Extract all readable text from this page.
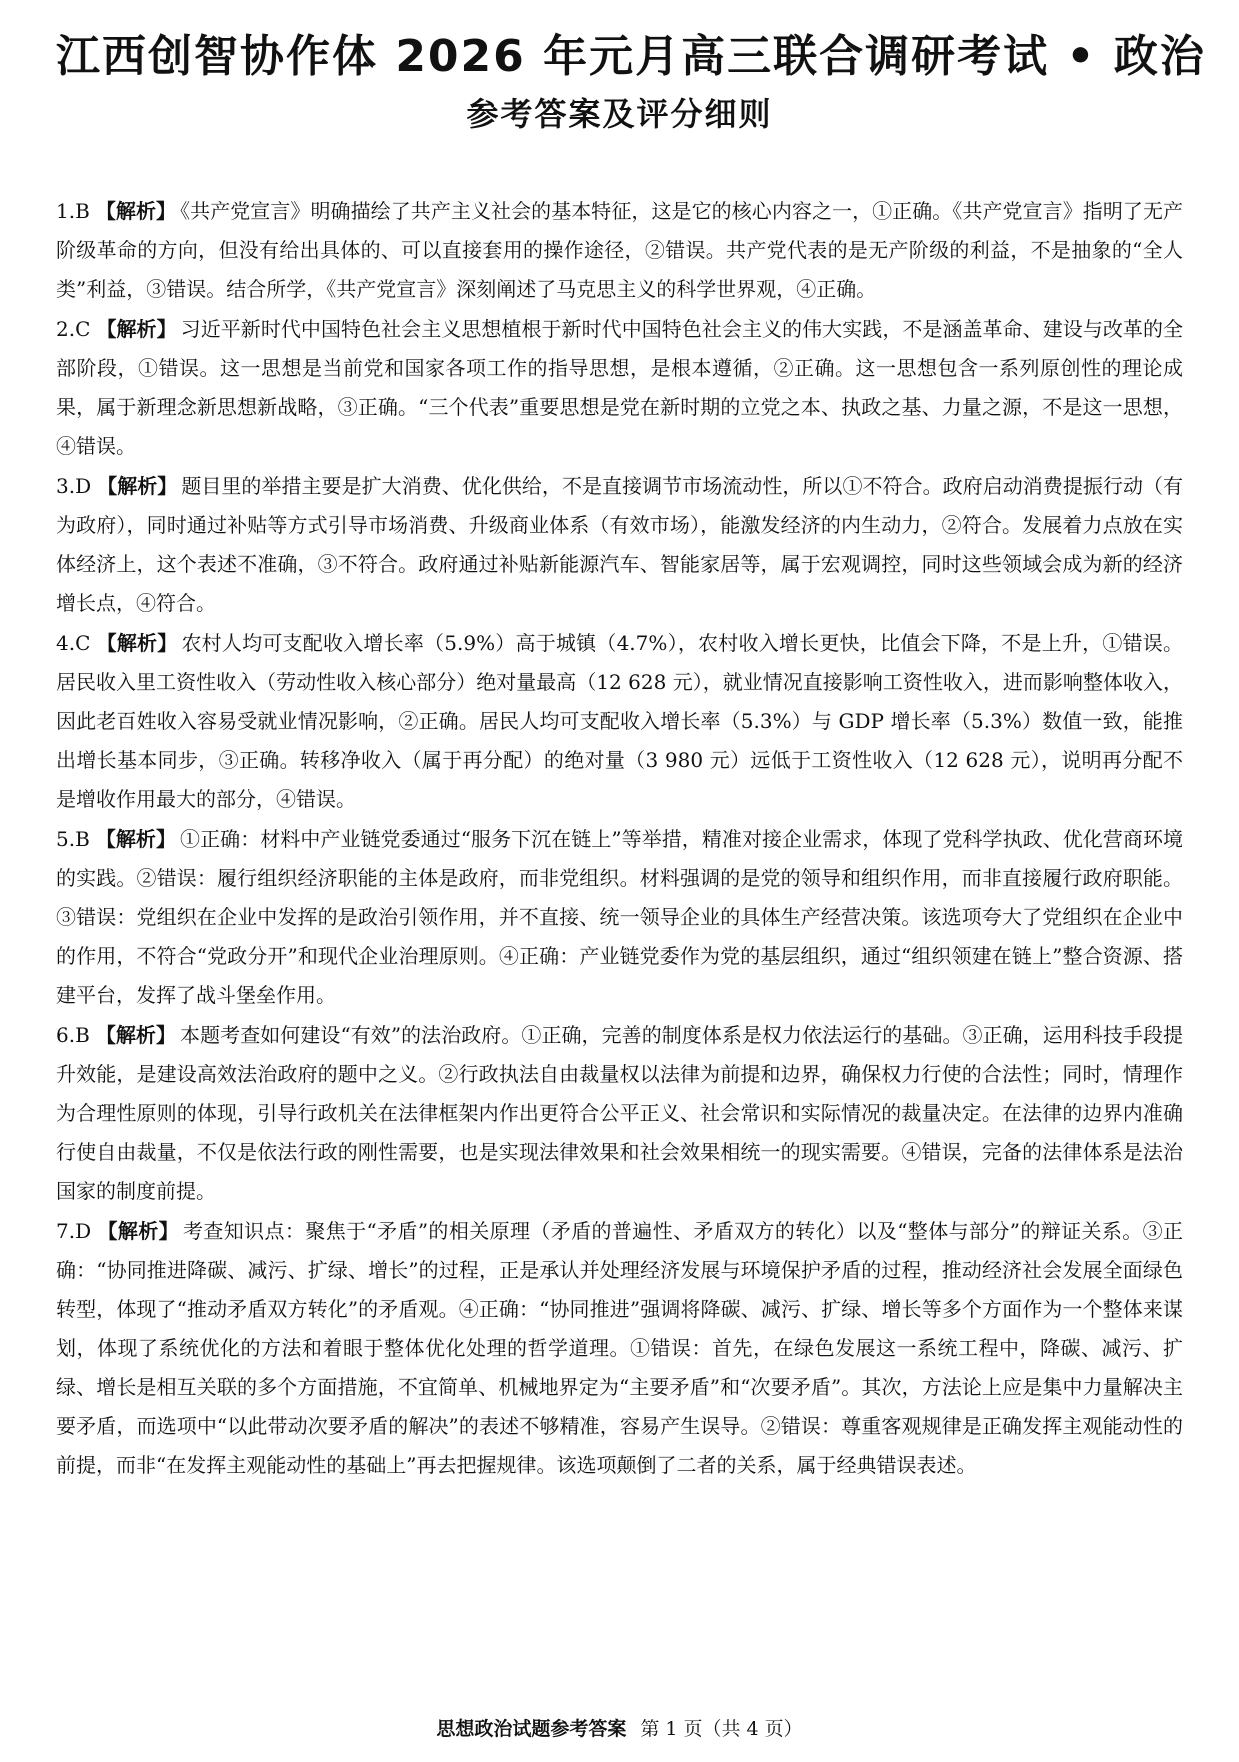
江西创智协作体 2026 年元月高三联合调研考试 • 政治
参考答案及评分细则

1.B 【解析】 《共产党宣言》明确描绘了共产主义社会的基本特征，这是它的核心内容之一，①正确。《共产党宣言》指明了无产阶级革命的方向，但没有给出具体的、可以直接套用的操作途径，②错误。共产党代表的是无产阶级的利益，不是抽象的“全人类”利益，③错误。结合所学，《共产党宣言》深刻阐述了马克思主义的科学世界观，④正确。

2.C 【解析】 习近平新时代中国特色社会主义思想植根于新时代中国特色社会主义的伟大实践，不是涵盖革命、建设与改革的全部阶段，①错误。这一思想是当前党和国家各项工作的指导思想，是根本遵循，②正确。这一思想包含一系列原创性的理论成果，属于新理念新思想新战略，③正确。“三个代表”重要思想是党在新时期的立党之本、执政之基、力量之源，不是这一思想，④错误。

3.D 【解析】 题目里的举措主要是扩大消费、优化供给，不是直接调节市场流动性，所以①不符合。政府启动消费提振行动（有为政府），同时通过补贴等方式引导市场消费、升级商业体系（有效市场），能激发经济的内生动力，②符合。发展着力点放在实体经济上，这个表述不准确，③不符合。政府通过补贴新能源汽车、智能家居等，属于宏观调控，同时这些领域会成为新的经济增长点，④符合。

4.C 【解析】 农村人均可支配收入增长率（5.9%）高于城镇（4.7%），农村收入增长更快，比值会下降，不是上升，①错误。居民收入里工资性收入（劳动性收入核心部分）绝对量最高（12 628 元），就业情况直接影响工资性收入，进而影响整体收入，因此老百姓收入容易受就业情况影响，②正确。居民人均可支配收入增长率（5.3%）与 GDP 增长率（5.3%）数值一致，能推出增长基本同步，③正确。转移净收入（属于再分配）的绝对量（3 980 元）远低于工资性收入（12 628 元），说明再分配不是增收作用最大的部分，④错误。

5.B 【解析】 ①正确：材料中产业链党委通过“服务下沉在链上”等举措，精准对接企业需求，体现了党科学执政、优化营商环境的实践。②错误：履行组织经济职能的主体是政府，而非党组织。材料强调的是党的领导和组织作用，而非直接履行政府职能。③错误：党组织在企业中发挥的是政治引领作用，并不直接、统一领导企业的具体生产经营决策。该选项夸大了党组织在企业中的作用，不符合“党政分开”和现代企业治理原则。④正确：产业链党委作为党的基层组织，通过“组织领建在链上”整合资源、搭建平台，发挥了战斗堡垒作用。

6.B 【解析】 本题考查如何建设“有效”的法治政府。①正确，完善的制度体系是权力依法运行的基础。③正确，运用科技手段提升效能，是建设高效法治政府的题中之义。②行政执法自由裁量权以法律为前提和边界，确保权力行使的合法性；同时，情理作为合理性原则的体现，引导行政机关在法律框架内作出更符合公平正义、社会常识和实际情况的裁量决定。在法律的边界内准确行使自由裁量，不仅是依法行政的刚性需要，也是实现法律效果和社会效果相统一的现实需要。④错误，完备的法律体系是法治国家的制度前提。

7.D 【解析】 考查知识点：聚焦于“矛盾”的相关原理（矛盾的普遍性、矛盾双方的转化）以及“整体与部分”的辩证关系。③正确：“协同推进降碳、减污、扩绿、增长”的过程，正是承认并处理经济发展与环境保护矛盾的过程，推动经济社会发展全面绿色转型，体现了“推动矛盾双方转化”的矛盾观。④正确：“协同推进”强调将降碳、减污、扩绿、增长等多个方面作为一个整体来谋划，体现了系统优化的方法和着眼于整体优化处理的哲学道理。①错误：首先，在绿色发展这一系统工程中，降碳、减污、扩绿、增长是相互关联的多个方面措施，不宜简单、机械地界定为“主要矛盾”和“次要矛盾”。其次，方法论上应是集中力量解决主要矛盾，而选项中“以此带动次要矛盾的解决”的表述不够精准，容易产生误导。②错误：尊重客观规律是正确发挥主观能动性的前提，而非“在发挥主观能动性的基础上”再去把握规律。该选项颠倒了二者的关系，属于经典错误表述。

思想政治试题参考答案 第 1 页（共 4 页）
